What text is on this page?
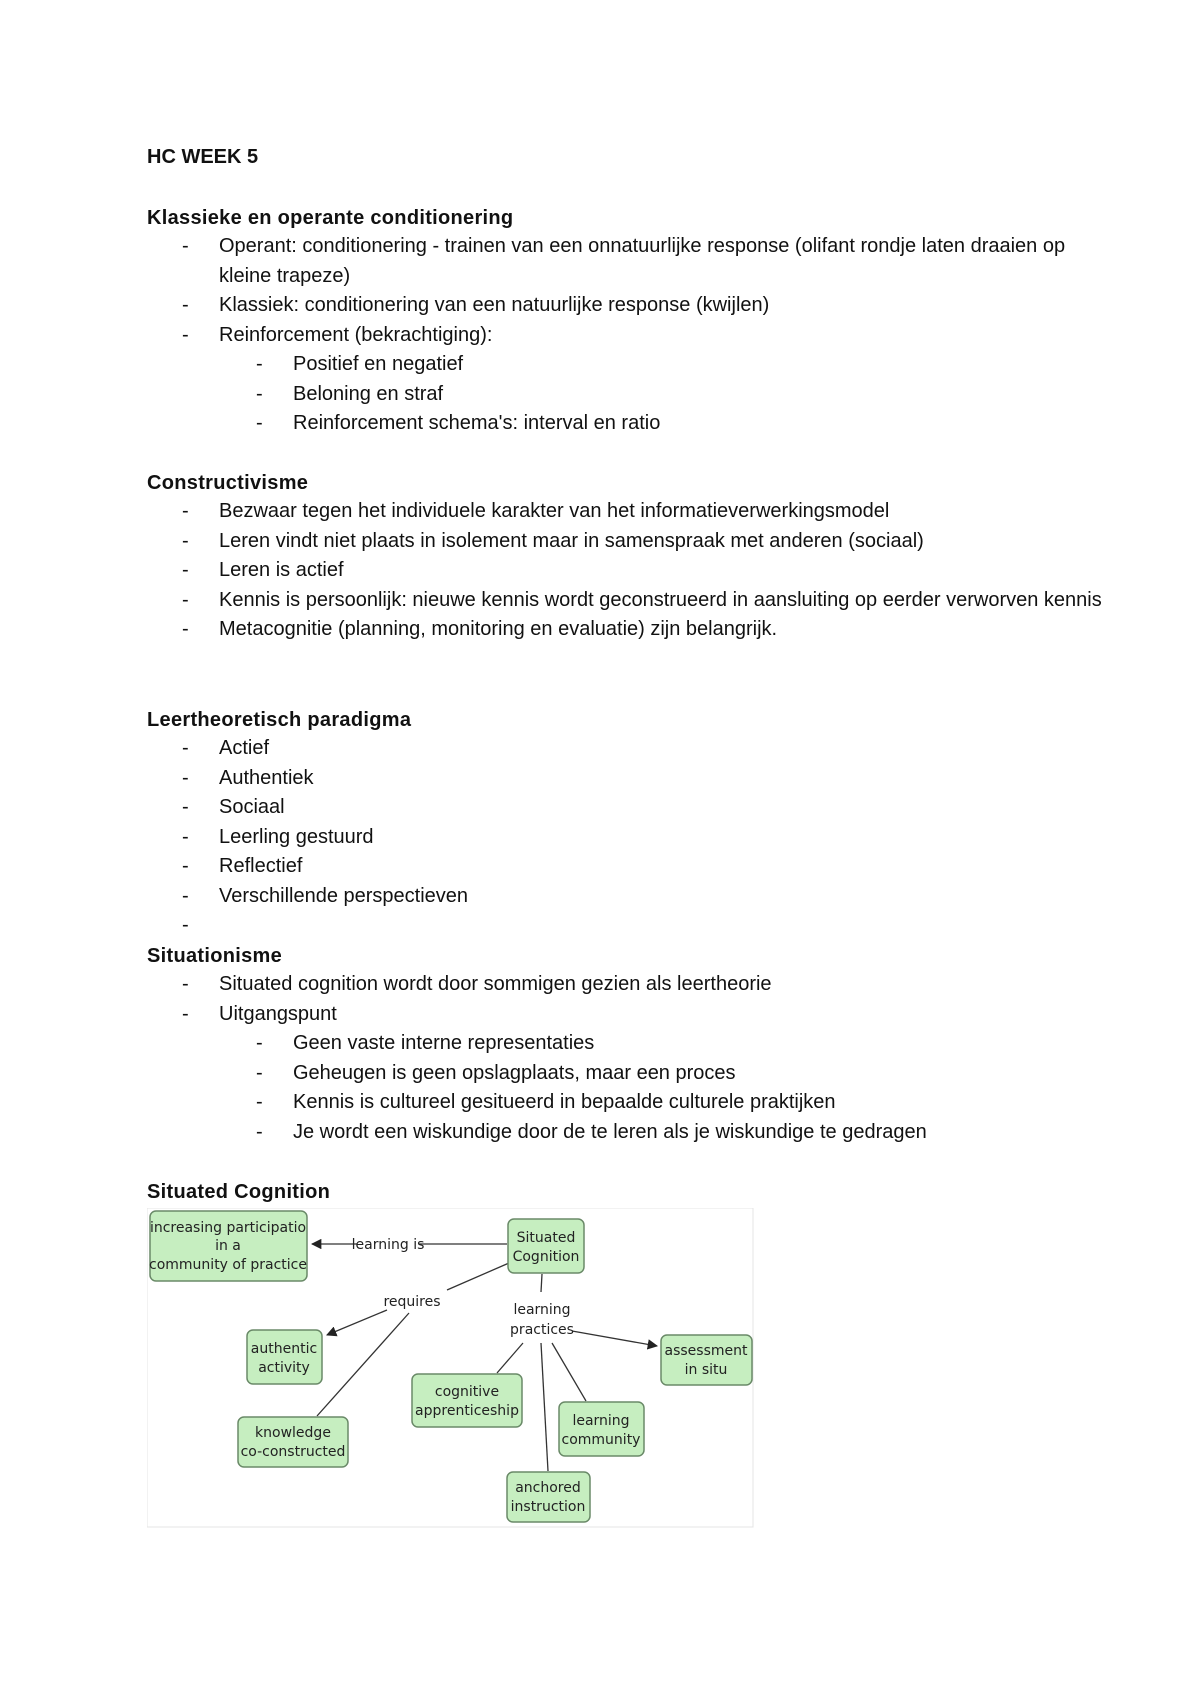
HC WEEK 5
Klassieke en operante conditionering
-	Operant: conditionering - trainen van een onnatuurlijke response (olifant rondje laten draaien op kleine trapeze)
-	Klassiek: conditionering van een natuurlijke response (kwijlen)
-	Reinforcement (bekrachtiging):
-	Positief en negatief
-	Beloning en straf
-	Reinforcement schema's: interval en ratio
Constructivisme
-	Bezwaar tegen het individuele karakter van het informatieverwerkingsmodel
-	Leren vindt niet plaats in isolement maar in samenspraak met anderen (sociaal)
-	Leren is actief
-	Kennis is persoonlijk: nieuwe kennis wordt geconstrueerd in aansluiting op eerder verworven kennis
-	Metacognitie (planning, monitoring en evaluatie) zijn belangrijk.
Leertheoretisch paradigma
-	Actief
-	Authentiek
-	Sociaal
-	Leerling gestuurd
-	Reflectief
-	Verschillende perspectieven
-
Situationisme
-	Situated cognition wordt door sommigen gezien als leertheorie
-	Uitgangspunt
-	Geen vaste interne representaties
-	Geheugen is geen opslagplaats, maar een proces
-	Kennis is cultureel gesitueerd in bepaalde culturele praktijken
-	Je wordt een wiskundige door de te leren als je wiskundige te gedragen
Situated Cognition
learning is
requires	learning
practices
increasing participatio
in a
community of practice
Situated
Cognition
authentic
activity
knowledge
co-constructed
cognitive
apprenticeship
assessment
in situ
learning
community
anchored
instruction
